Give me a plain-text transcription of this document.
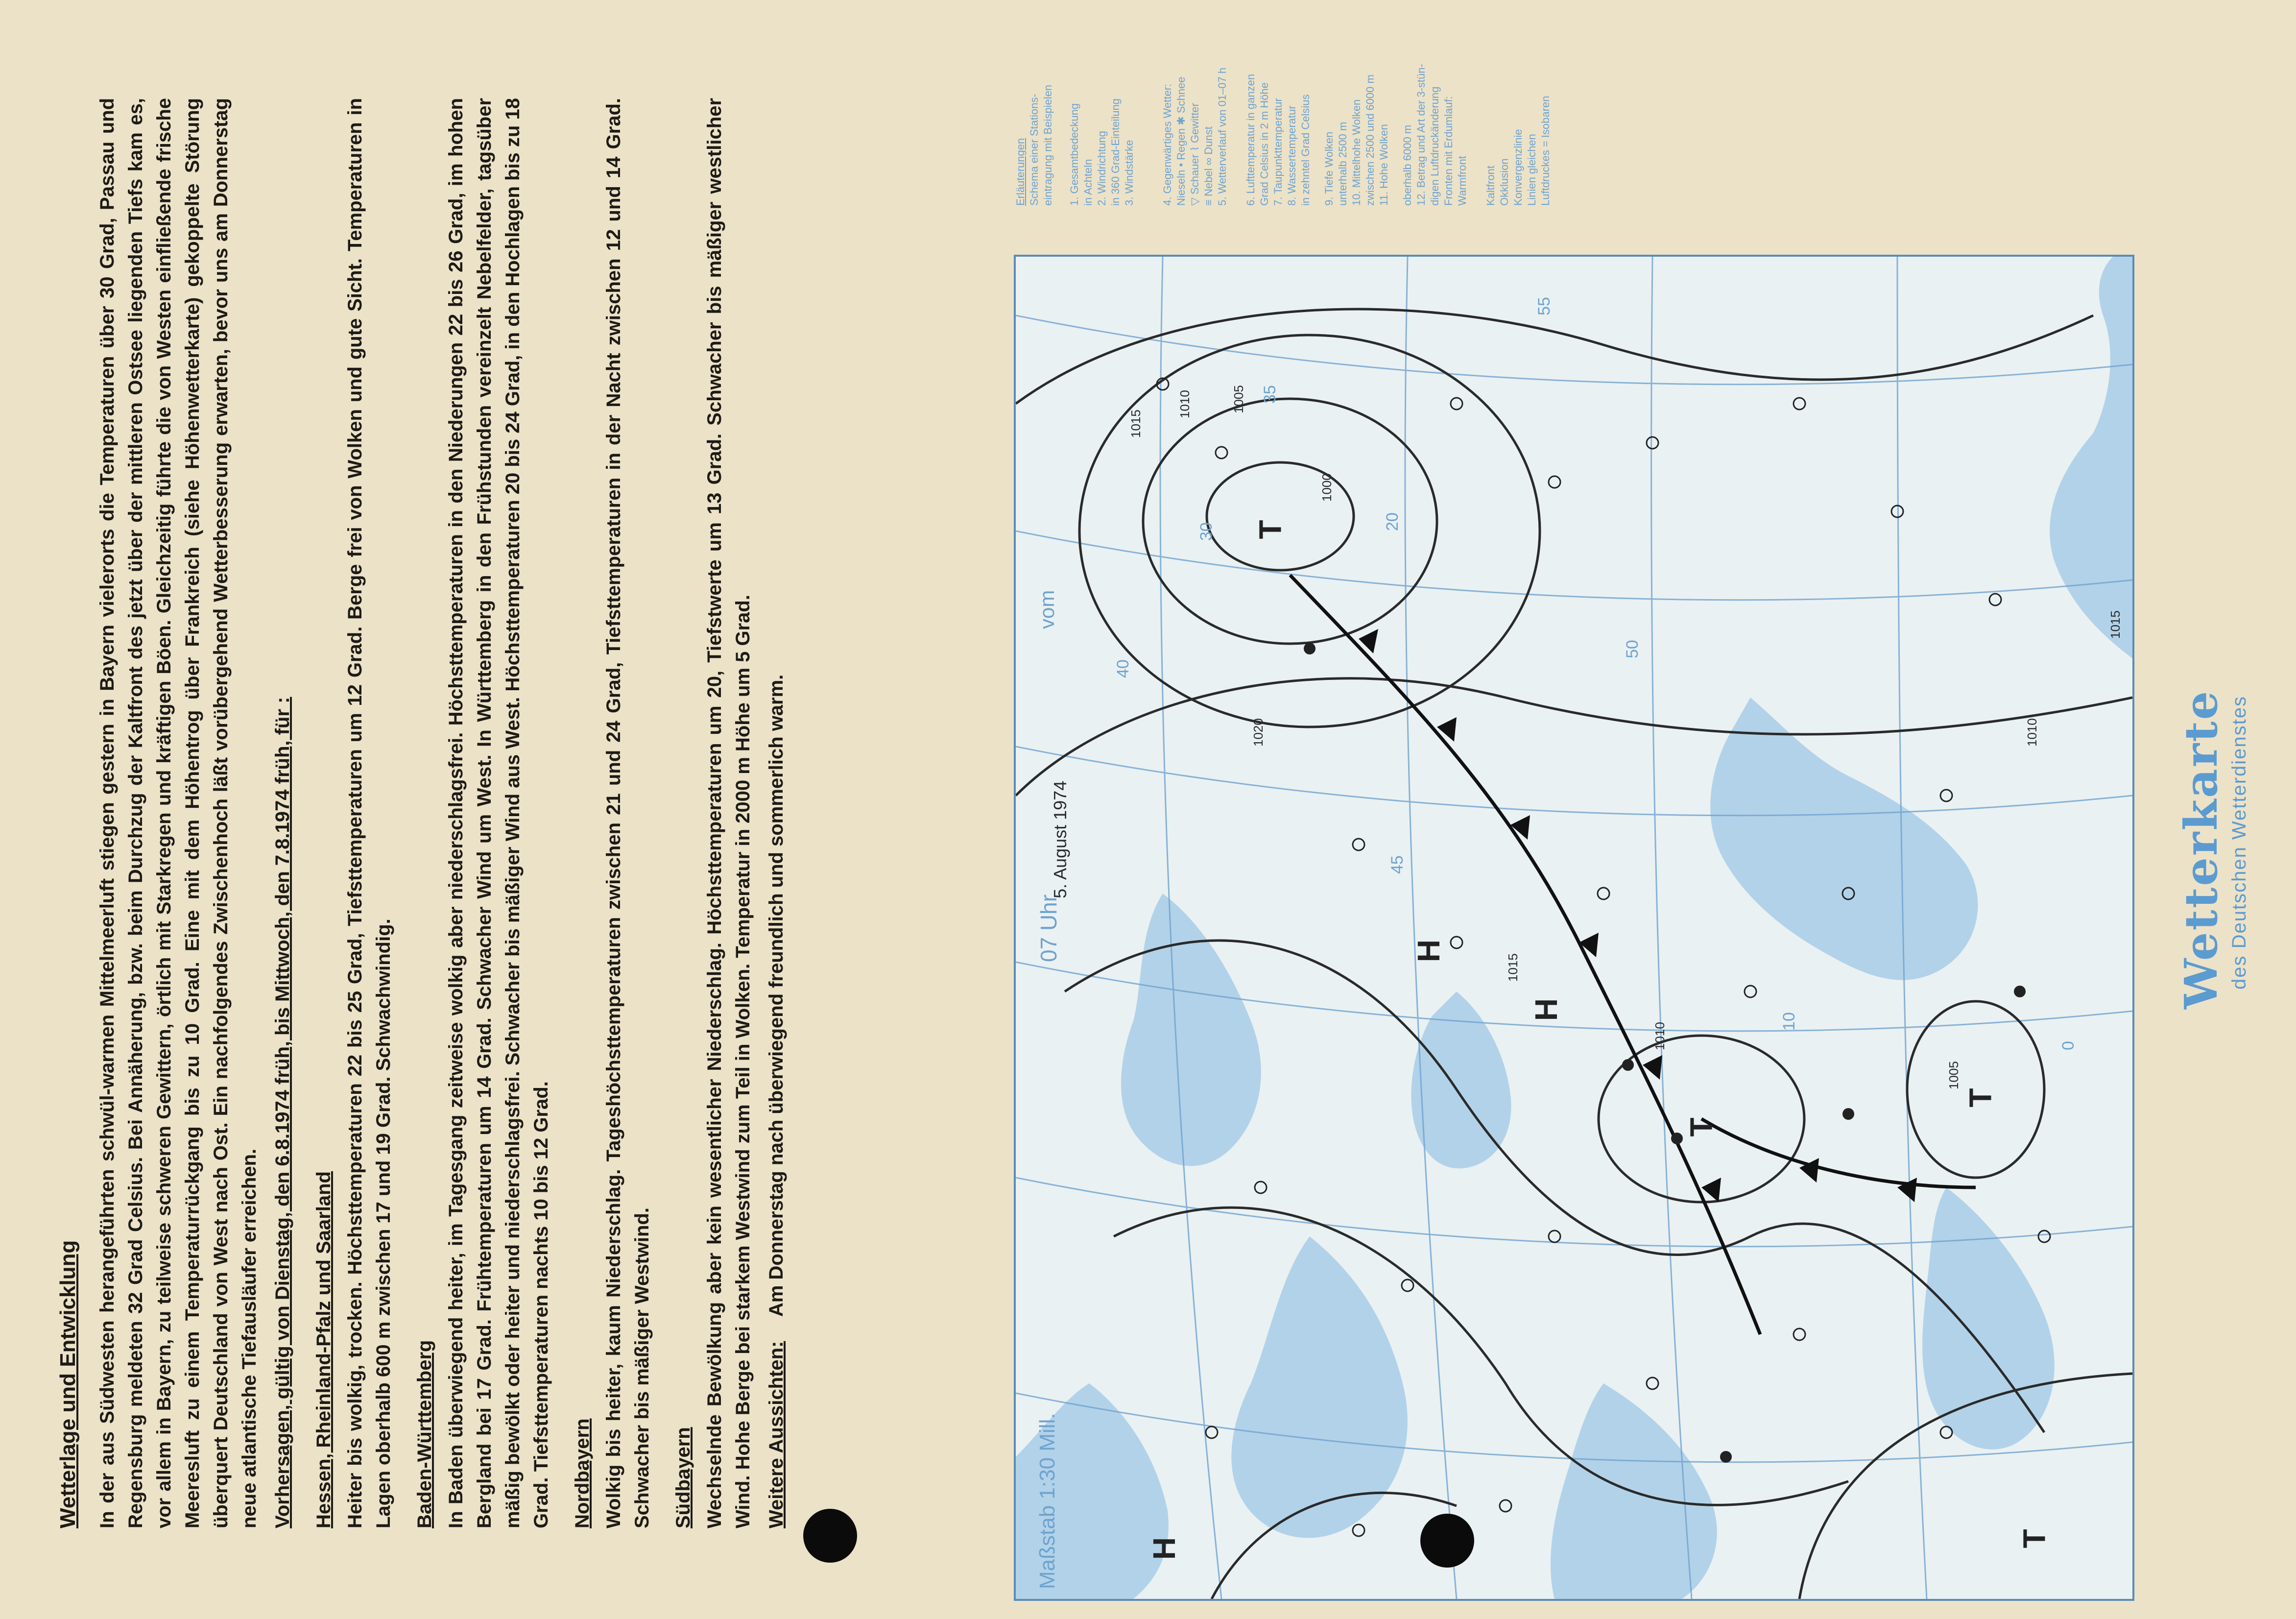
Wetterlage und Entwicklung In der aus Südwesten herangeführten schwül-warmen Mittelmeerluft stiegen gestern in Bayern vielerorts die Temperaturen über 30 Grad, Passau und Regensburg meldeten 32 Grad Celsius. Bei Annäherung, bzw. beim Durchzug der Kaltfront des jetzt über der mittleren Ostsee liegenden Tiefs kam es, vor allem in Bayern, zu teilweise schweren Gewittern, örtlich mit Starkregen und kräftigen Böen. Gleichzeitig führte die von Westen einfließende frische Meeresluft zu einem Temperaturrückgang bis zu 10 Grad. Eine mit dem Höhentrog über Frankreich (siehe Höhenwetterkarte) gekoppelte Störung überquert Deutschland von West nach Ost. Ein nachfolgendes Zwischenhoch läßt vorübergehend Wetterbesserung erwarten, bevor uns am Donnerstag neue atlantische Tiefausläufer erreichen. Vorhersagen, gültig von Dienstag, den 6.8.1974 früh, bis Mittwoch, den 7.8.1974 früh, für : Hessen, Rheinland-Pfalz und Saarland Heiter bis wolkig, trocken. Höchsttemperaturen 22 bis 25 Grad, Tiefsttemperaturen um 12 Grad. Berge frei von Wolken und gute Sicht. Temperaturen in Lagen oberhalb 600 m zwischen 17 und 19 Grad. Schwachwindig. Baden-Württemberg In Baden überwiegend heiter, im Tagesgang zeitweise wolkig aber niederschlagsfrei. Höchsttemperaturen in den Niederungen 22 bis 26 Grad, im hohen Bergland bei 17 Grad. Frühtemperaturen um 14 Grad. Schwacher Wind um West. In Württemberg in den Frühstunden vereinzelt Nebelfelder, tagsüber mäßig bewölkt oder heiter und niederschlagsfrei. Schwacher bis mäßiger Wind aus West. Höchsttemperaturen 20 bis 24 Grad, in den Hochlagen bis zu 18 Grad. Tiefsttemperaturen nachts 10 bis 12 Grad. Nordbayern Wolkig bis heiter, kaum Niederschlag. Tageshöchsttemperaturen zwischen 21 und 24 Grad, Tiefsttemperaturen in der Nacht zwischen 12 und 14 Grad. Schwacher bis mäßiger Westwind. Südbayern Wechselnde Bewölkung aber kein wesentlicher Niederschlag. Höchsttemperaturen um 20, Tiefstwerte um 13 Grad. Schwacher bis mäßiger westlicher Wind. Hohe Berge bei starkem Westwind zum Teil in Wolken. Temperatur in 2000 m Höhe um 5 Grad. Weitere Aussichten: Am Donnerstag nach überwiegend freundlich und sommerlich warm.

Erläuterungen Schema einer Stations- eintragung mit Beispielen 1. Gesamtbedeckung in Achteln 2. Windrichtung in 360 Grad-Einteilung 3. Windstärke 4. Gegenwärtiges Wetter: Nieseln • Regen ✱ Schnee ▽ Schauer ⌇ Gewitter ≡ Nebel ∞ Dunst 5. Wetterverlauf von 01–07 h 6. Lufttemperatur in ganzen Grad Celsius in 2 m Höhe 7. Taupunkttemperatur 8. Wassertemperatur in zehntel Grad Celsius 9. Tiefe Wolken unterhalb 2500 m 10. Mittelhohe Wolken zwischen 2500 und 6000 m 11. Hohe Wolken oberhalb 6000 m 12. Betrag und Art der 3-stün- digen Luftdruckänderung Fronten mit Erdumlauf: Warmfront Kaltfront Okklusion Konvergenzlinie Linien gleichen Luftdruckes = Isobaren
Wetterkarte des Deutschen Wetterdienstes
T
T
T
T
H
H
H
1015
1010	1005
1000
1020
1015
1010
1005
1015
1010
55
50
45
40
35
30
20
10
0
vom
5. August 1974
07 Uhr
Maßstab 1:30 Mill.
